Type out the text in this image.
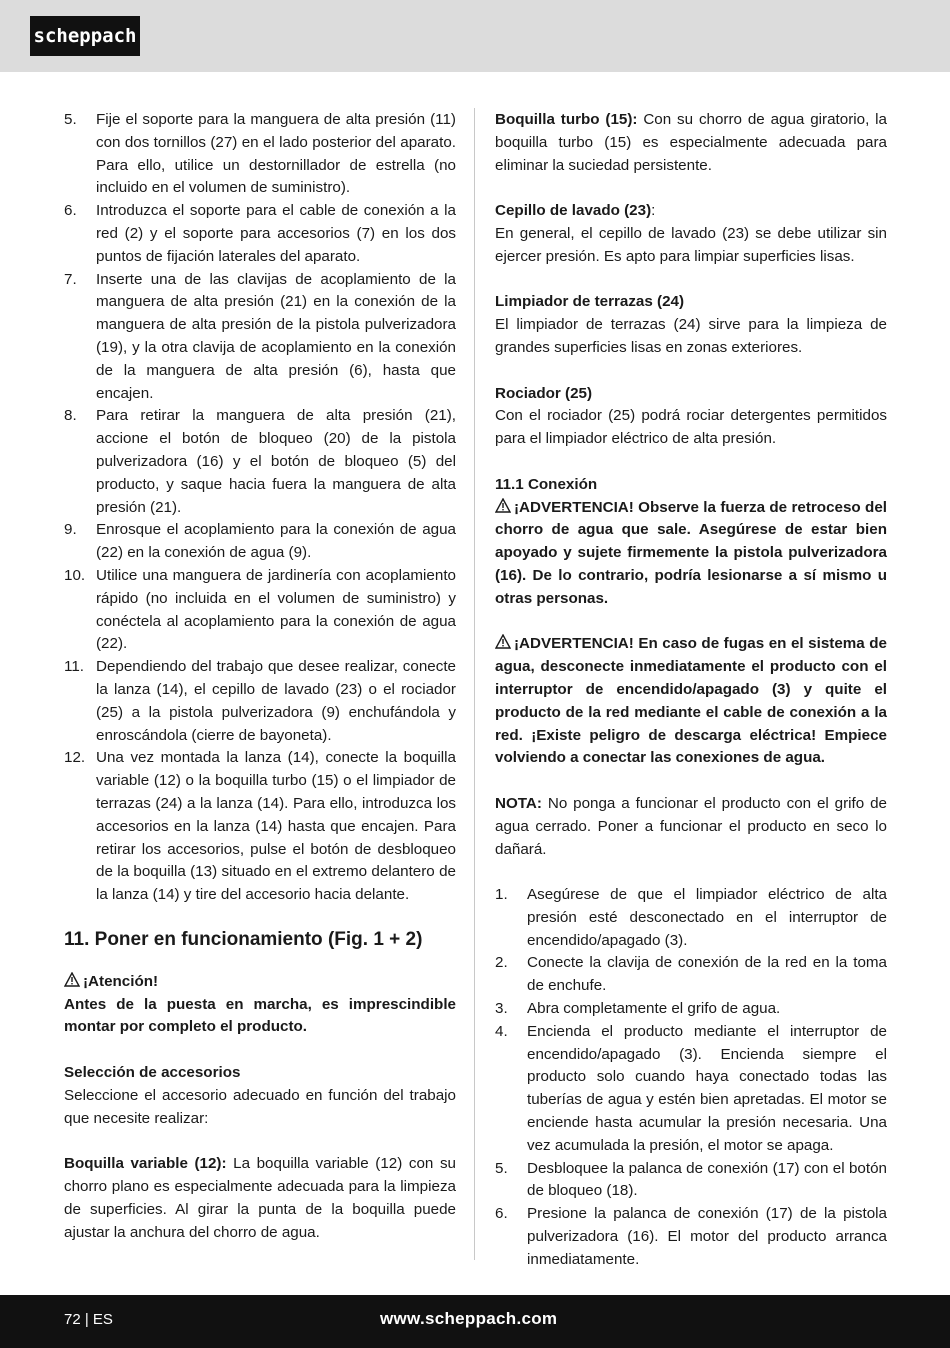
scheppach
5. Fije el soporte para la manguera de alta presión (11) con dos tornillos (27) en el lado posterior del aparato. Para ello, utilice un destornillador de estrella (no incluido en el volumen de suministro).
6. Introduzca el soporte para el cable de conexión a la red (2) y el soporte para accesorios (7) en los dos puntos de fijación laterales del aparato.
7. Inserte una de las clavijas de acoplamiento de la manguera de alta presión (21) en la conexión de la manguera de alta presión de la pistola pulverizadora (19), y la otra clavija de acoplamiento en la conexión de la manguera de alta presión (6), hasta que encajen.
8. Para retirar la manguera de alta presión (21), accione el botón de bloqueo (20) de la pistola pulverizadora (16) y el botón de bloqueo (5) del producto, y saque hacia fuera la manguera de alta presión (21).
9. Enrosque el acoplamiento para la conexión de agua (22) en la conexión de agua (9).
10. Utilice una manguera de jardinería con acoplamiento rápido (no incluida en el volumen de suministro) y conéctela al acoplamiento para la conexión de agua (22).
11. Dependiendo del trabajo que desee realizar, conecte la lanza (14), el cepillo de lavado (23) o el rociador (25) a la pistola pulverizadora (9) enchufándola y enroscándola (cierre de bayoneta).
12. Una vez montada la lanza (14), conecte la boquilla variable (12) o la boquilla turbo (15) o el limpiador de terrazas (24) a la lanza (14). Para ello, introduzca los accesorios en la lanza (14) hasta que encajen. Para retirar los accesorios, pulse el botón de desbloqueo de la boquilla (13) situado en el extremo delantero de la lanza (14) y tire del accesorio hacia delante.
11. Poner en funcionamiento (Fig. 1 + 2)
¡Atención!
Antes de la puesta en marcha, es imprescindible montar por completo el producto.
Selección de accesorios
Seleccione el accesorio adecuado en función del trabajo que necesite realizar:
Boquilla variable (12): La boquilla variable (12) con su chorro plano es especialmente adecuada para la limpieza de superficies. Al girar la punta de la boquilla puede ajustar la anchura del chorro de agua.
Boquilla turbo (15): Con su chorro de agua giratorio, la boquilla turbo (15) es especialmente adecuada para eliminar la suciedad persistente.
Cepillo de lavado (23):
En general, el cepillo de lavado (23) se debe utilizar sin ejercer presión. Es apto para limpiar superficies lisas.
Limpiador de terrazas (24)
El limpiador de terrazas (24) sirve para la limpieza de grandes superficies lisas en zonas exteriores.
Rociador (25)
Con el rociador (25) podrá rociar detergentes permitidos para el limpiador eléctrico de alta presión.
11.1 Conexión
¡ADVERTENCIA! Observe la fuerza de retroceso del chorro de agua que sale. Asegúrese de estar bien apoyado y sujete firmemente la pistola pulverizadora (16). De lo contrario, podría lesionarse a sí mismo u otras personas.
¡ADVERTENCIA! En caso de fugas en el sistema de agua, desconecte inmediatamente el producto con el interruptor de encendido/apagado (3) y quite el producto de la red mediante el cable de conexión a la red. ¡Existe peligro de descarga eléctrica! Empiece volviendo a conectar las conexiones de agua.
NOTA: No ponga a funcionar el producto con el grifo de agua cerrado. Poner a funcionar el producto en seco lo dañará.
1. Asegúrese de que el limpiador eléctrico de alta presión esté desconectado en el interruptor de encendido/apagado (3).
2. Conecte la clavija de conexión de la red en la toma de enchufe.
3. Abra completamente el grifo de agua.
4. Encienda el producto mediante el interruptor de encendido/apagado (3). Encienda siempre el producto solo cuando haya conectado todas las tuberías de agua y estén bien apretadas. El motor se enciende hasta acumular la presión necesaria. Una vez acumulada la presión, el motor se apaga.
5. Desbloquee la palanca de conexión (17) con el botón de bloqueo (18).
6. Presione la palanca de conexión (17) de la pistola pulverizadora (16). El motor del producto arranca inmediatamente.
72 | ES	www.scheppach.com
